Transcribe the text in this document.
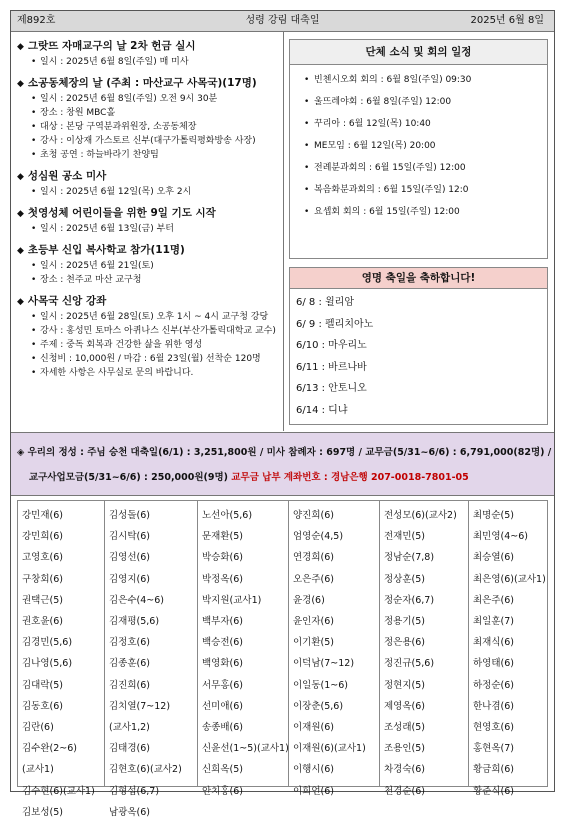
제892호	성령 강림 대축일	2025년 6월 8일
◆ 그랏뜨 자매교구의 날 2차 헌금 실시
• 일시 : 2025년 6월 8일(주일) 매 미사
◆ 소공동체장의 날 (주최 : 마산교구 사목국)(17명)
• 일시 : 2025년 6월 8일(주일) 오전 9시 30분
• 장소 : 창원 MBC홀
• 대상 : 본당 구역분과위원장, 소공동체장
• 강사 : 이상재 가스토르 신부(대구가톨릭평화방송 사장)
• 초청 공연 : 하늘바라기 찬양팀
◆ 성심원 공소 미사
• 일시 : 2025년 6월 12일(목) 오후 2시
◆ 첫영성체 어린이들을 위한 9일 기도 시작
• 일시 : 2025년 6월 13일(금) 부터
◆ 초등부 신입 복사학교 참가(11명)
• 일시 : 2025년 6월 21일(토)
• 장소 : 천주교 마산 교구청
◆ 사목국 신앙 강좌
• 일시 : 2025년 6월 28일(토) 오후 1시 ~ 4시 교구청 강당
• 강사 : 홍성민 토마스 아퀴나스 신부(부산가톨릭대학교 교수)
• 주제 : 중독 회복과 건강한 삶을 위한 영성
• 신청비 : 10,000원 / 마감 : 6월 23일(월) 선착순 120명
• 자세한 사항은 사무실로 문의 바랍니다.
단체 소식 및 회의 일정
• 빈첸시오회 회의 : 6월 8일(주일) 09:30
• 울뜨레야회 : 6월 8일(주일) 12:00
• 꾸리아 : 6월 12일(목) 10:40
• ME모임 : 6월 12일(목) 20:00
• 전례분과회의 : 6월 15일(주일) 12:00
• 복음화분과회의 : 6월 15일(주일) 12:0
• 요셉회 회의 : 6월 15일(주일) 12:00
영명 축일을 축하합니다!
6/ 8 : 윌리암
6/ 9 : 펠리치아노
6/10 : 마우리노
6/11 : 바르나바
6/13 : 안토니오
6/14 : 디냐
◈ 우리의 정성 : 주님 승천 대축일(6/1) : 3,251,800원 / 미사 참례자 : 697명 / 교무금(5/31~6/6) : 6,791,000(82명) /
교구사업모금(5/31~6/6) : 250,000원(9명) 교무금 납부 계좌번호 : 경남은행 207-0018-7801-05
강민재(6)
강민희(6)
고영호(6)
구창회(6)
권택근(5)
권호윤(6)
김경민(5,6)
김나영(5,6)
김대락(5)
김동호(6)
김란(6)
김수완(2~6)
(교사1)
김수현(6)(교사1)
김보성(5)
김성돌(6)
김시탁(6)
김영선(6)
김영지(6)
김은수(4~6)
김재평(5,6)
김정호(6)
김종훈(6)
김진희(6)
김치열(7~12)
(교사1,2)
김태경(6)
김현호(6)(교사2)
김형섭(6,7)
남광옥(6)
노선아(5,6)
문재환(5)
박승화(6)
박정옥(6)
박지원(교사1)
백부자(6)
백승전(6)
백영화(6)
서무홍(6)
선미애(6)
송종배(6)
신윤선(1~5)(교사1)
신희옥(5)
안치홍(6)
양진희(6)
엄영순(4,5)
연경희(6)
오은주(6)
윤경(6)
윤인자(6)
이기환(5)
이덕남(7~12)
이일동(1~6)
이장춘(5,6)
이재원(6)
이재원(6)(교사1)
이행시(6)
이희언(6)
전성모(6)(교사2)
전재민(5)
정남순(7,8)
정상훈(5)
정순자(6,7)
정용기(5)
정은용(6)
정진규(5,6)
정현지(5)
제영옥(6)
조성래(5)
조용인(5)
차경숙(6)
천경순(6)
최명순(5)
최민영(4~6)
최승열(6)
최은영(6)(교사1)
최은주(6)
최일훈(7)
최재식(6)
하영태(6)
하정순(6)
한나겸(6)
현영호(6)
홍현옥(7)
황금희(6)
황준식(6)
